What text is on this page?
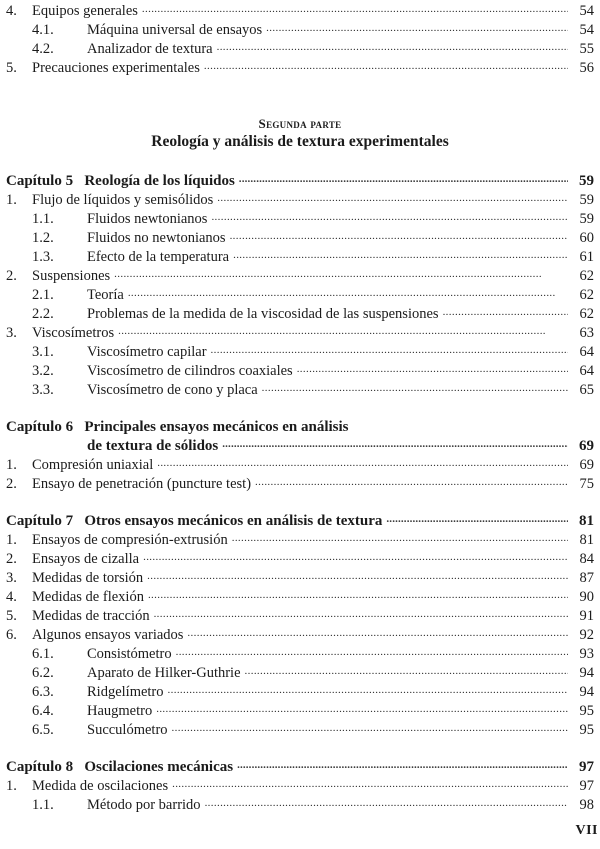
4.	Equipos generales . . .	54
4.1.	Máquina universal de ensayos . . .	54
4.2.	Analizador de textura . . .	55
5.	Precauciones experimentales . . .	56
Segunda parte
Reología y análisis de textura experimentales
Capítulo 5   Reología de los líquidos . . .	59
1.	Flujo de líquidos y semisólidos . . .	59
1.1.	Fluidos newtonianos . . .	59
1.2.	Fluidos no newtonianos . . .	60
1.3.	Efecto de la temperatura . . .	61
2.	Suspensiones . . .	62
2.1.	Teoría . . .	62
2.2.	Problemas de la medida de la viscosidad de las suspensiones . . .	62
3.	Viscosímetros . . .	63
3.1.	Viscosímetro capilar . . .	64
3.2.	Viscosímetro de cilindros coaxiales . . .	64
3.3.	Viscosímetro de cono y placa . . .	65
Capítulo 6   Principales ensayos mecánicos en análisis
de textura de sólidos . . .	69
1.	Compresión uniaxial . . .	69
2.	Ensayo de penetración (puncture test) . . .	75
Capítulo 7   Otros ensayos mecánicos en análisis de textura . . .	81
1.	Ensayos de compresión-extrusión . . .	81
2.	Ensayos de cizalla . . .	84
3.	Medidas de torsión . . .	87
4.	Medidas de flexión . . .	90
5.	Medidas de tracción . . .	91
6.	Algunos ensayos variados . . .	92
6.1.	Consistómetro . . .	93
6.2.	Aparato de Hilker-Guthrie . . .	94
6.3.	Ridgelímetro . . .	94
6.4.	Haugmetro . . .	95
6.5.	Succulómetro . . .	95
Capítulo 8   Oscilaciones mecánicas . . .	97
1.	Medida de oscilaciones . . .	97
1.1.	Método por barrido . . .	98
VII
